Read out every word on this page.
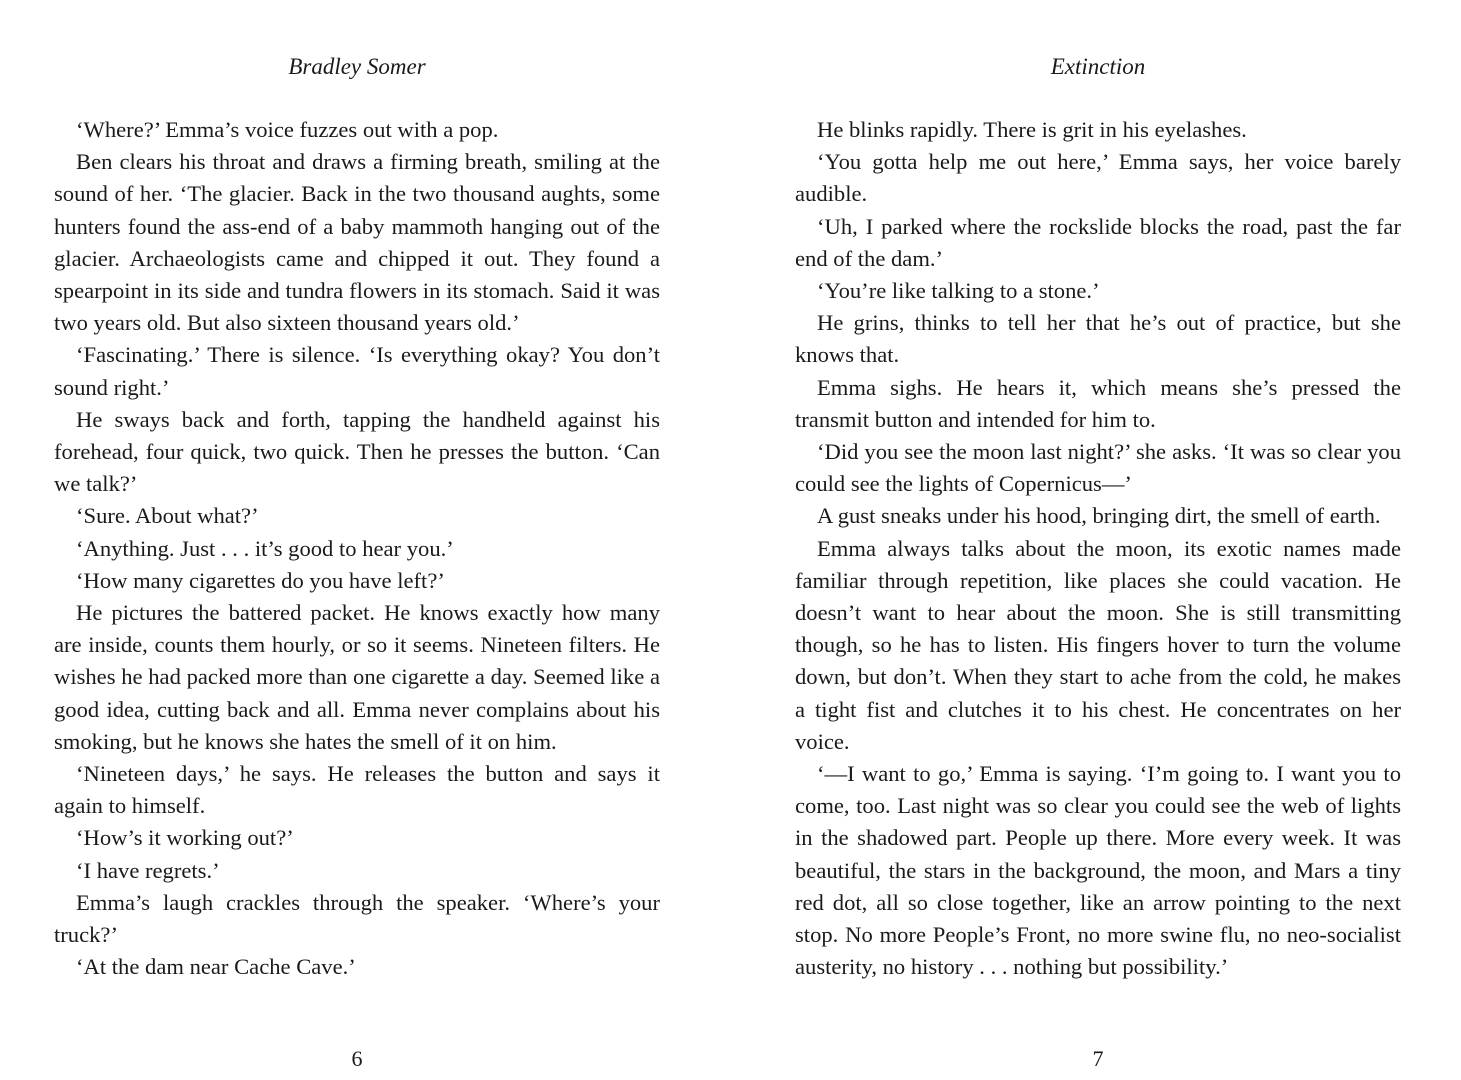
Bradley Somer

‘Where?’ Emma’s voice fuzzes out with a pop.

Ben clears his throat and draws a firming breath, smiling at the sound of her. ‘The glacier. Back in the two thousand aughts, some hunters found the ass-end of a baby mammoth hanging out of the glacier. Archaeologists came and chipped it out. They found a spearpoint in its side and tundra flowers in its stomach. Said it was two years old. But also sixteen thousand years old.’

‘Fascinating.’ There is silence. ‘Is everything okay? You don’t sound right.’

He sways back and forth, tapping the handheld against his forehead, four quick, two quick. Then he presses the button. ‘Can we talk?’

‘Sure. About what?’

‘Anything. Just . . . it’s good to hear you.’

‘How many cigarettes do you have left?’

He pictures the battered packet. He knows exactly how many are inside, counts them hourly, or so it seems. Nineteen filters. He wishes he had packed more than one cigarette a day. Seemed like a good idea, cutting back and all. Emma never complains about his smoking, but he knows she hates the smell of it on him.

‘Nineteen days,’ he says. He releases the button and says it again to himself.

‘How’s it working out?’

‘I have regrets.’

Emma’s laugh crackles through the speaker. ‘Where’s your truck?’

‘At the dam near Cache Cave.’

6
Extinction

He blinks rapidly. There is grit in his eyelashes.

‘You gotta help me out here,’ Emma says, her voice barely audible.

‘Uh, I parked where the rockslide blocks the road, past the far end of the dam.’

‘You’re like talking to a stone.’

He grins, thinks to tell her that he’s out of practice, but she knows that.

Emma sighs. He hears it, which means she’s pressed the transmit button and intended for him to.

‘Did you see the moon last night?’ she asks. ‘It was so clear you could see the lights of Copernicus—’

A gust sneaks under his hood, bringing dirt, the smell of earth.

Emma always talks about the moon, its exotic names made familiar through repetition, like places she could vacation. He doesn’t want to hear about the moon. She is still transmitting though, so he has to listen. His fingers hover to turn the volume down, but don’t. When they start to ache from the cold, he makes a tight fist and clutches it to his chest. He concentrates on her voice.

‘—I want to go,’ Emma is saying. ‘I’m going to. I want you to come, too. Last night was so clear you could see the web of lights in the shadowed part. People up there. More every week. It was beautiful, the stars in the background, the moon, and Mars a tiny red dot, all so close together, like an arrow pointing to the next stop. No more People’s Front, no more swine flu, no neo-socialist austerity, no history . . . nothing but possibility.’

7
